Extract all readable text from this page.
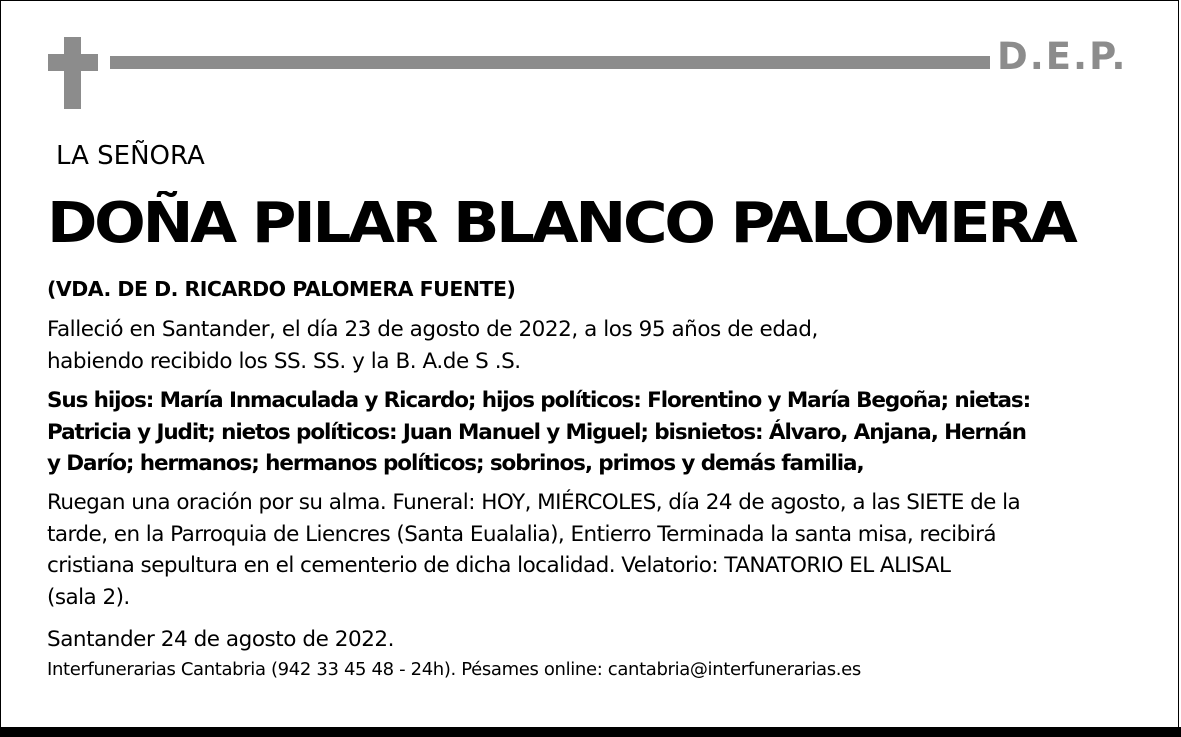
D.E.P.
LA SEÑORA
DOÑA PILAR BLANCO PALOMERA
(VDA. DE D. RICARDO PALOMERA FUENTE)
Falleció en Santander, el día 23 de agosto de 2022, a los 95 años de edad,
habiendo recibido los SS. SS. y la B. A.de S .S.
Sus hijos: María Inmaculada y Ricardo; hijos políticos: Florentino y María Begoña; nietas:
Patricia y Judit; nietos políticos: Juan Manuel y Miguel; bisnietos: Álvaro, Anjana, Hernán
y Darío; hermanos; hermanos políticos; sobrinos, primos y demás familia,
Ruegan una oración por su alma. Funeral: HOY, MIÉRCOLES, día 24 de agosto, a las SIETE de la
tarde, en la Parroquia de Liencres (Santa Eualalia), Entierro Terminada la santa misa, recibirá
cristiana sepultura en el cementerio de dicha localidad. Velatorio: TANATORIO EL ALISAL
(sala 2).
Santander 24 de agosto de 2022.
Interfunerarias Cantabria (942 33 45 48 - 24h). Pésames online: cantabria@interfunerarias.es
